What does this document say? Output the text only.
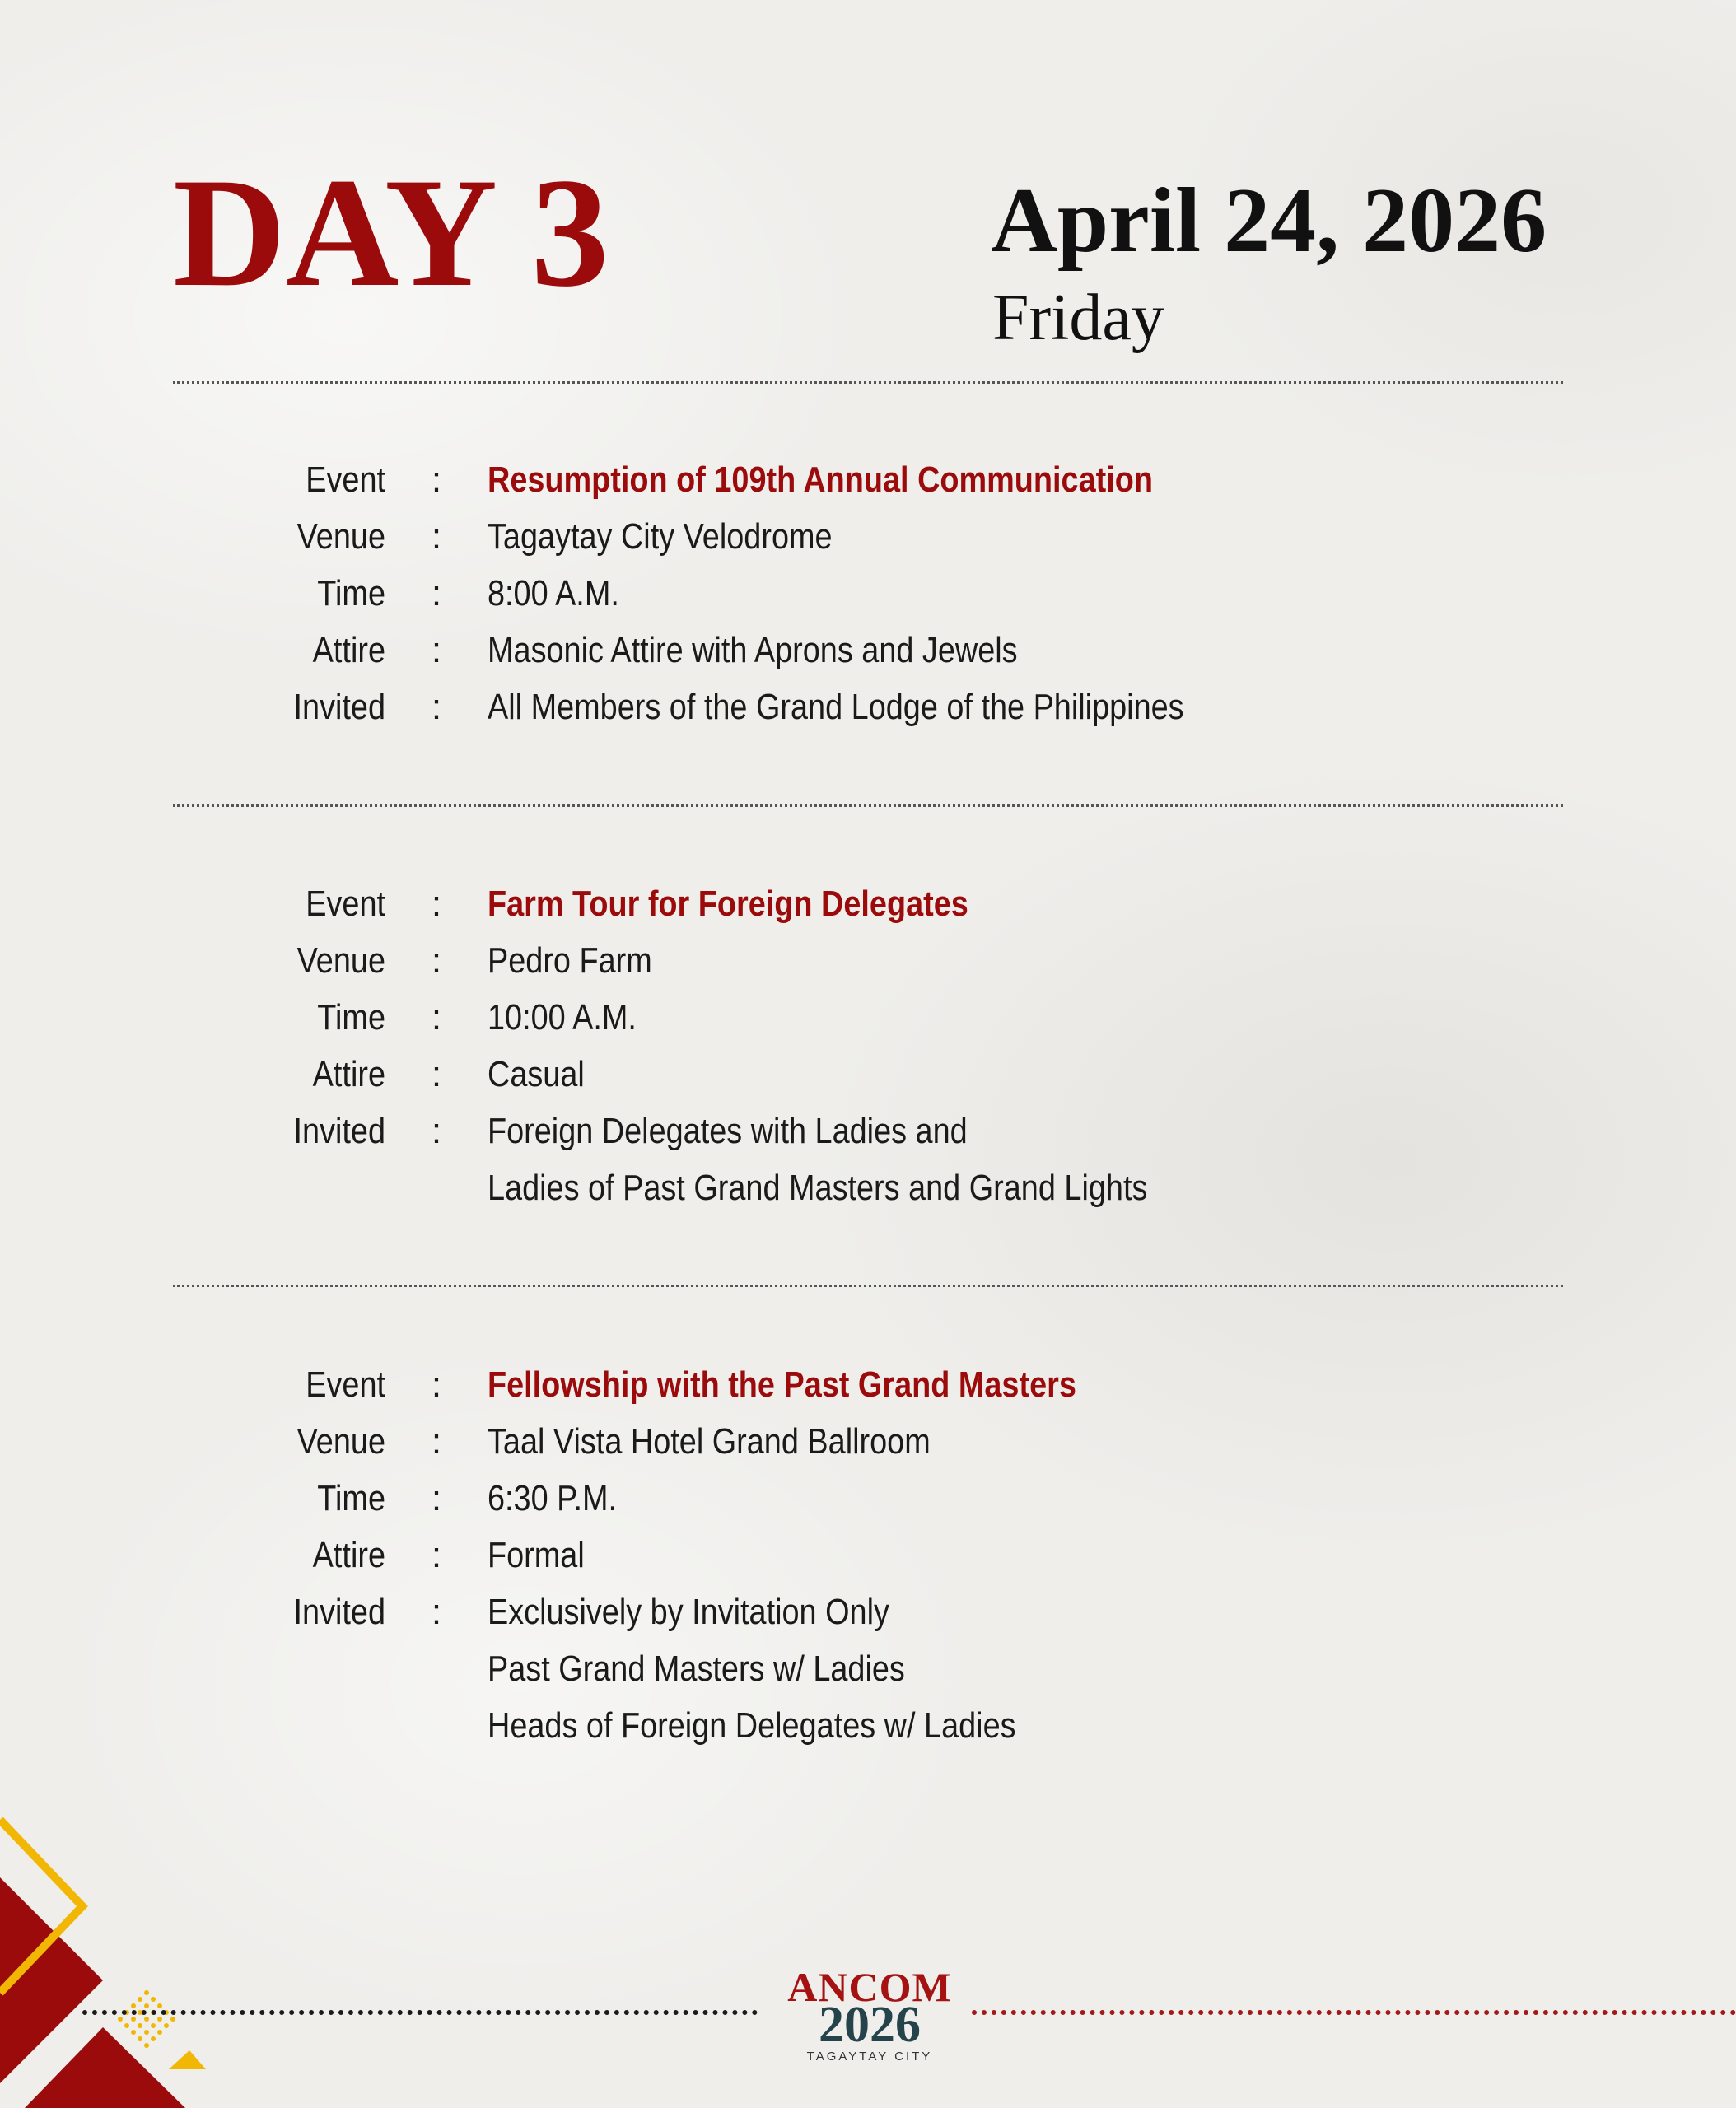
DAY 3	April 24, 2026
Friday
Event	:	Resumption of 109th Annual Communication
Venue	:	Tagaytay City Velodrome
Time	:	8:00 A.M.
Attire	:	Masonic Attire with Aprons and Jewels
Invited	:	All Members of the Grand Lodge of the Philippines
Event	:	Farm Tour for Foreign Delegates
Venue	:	Pedro Farm
Time	:	10:00 A.M.
Attire	:	Casual
Invited	:	Foreign Delegates with Ladies and
Ladies of Past Grand Masters and Grand Lights
Event	:	Fellowship with the Past Grand Masters
Venue	:	Taal Vista Hotel Grand Ballroom
Time	:	6:30 P.M.
Attire	:	Formal
Invited	:	Exclusively by Invitation Only
Past Grand Masters w/ Ladies
Heads of Foreign Delegates w/ Ladies
ANCOM
2026
TAGAYTAY CITY
